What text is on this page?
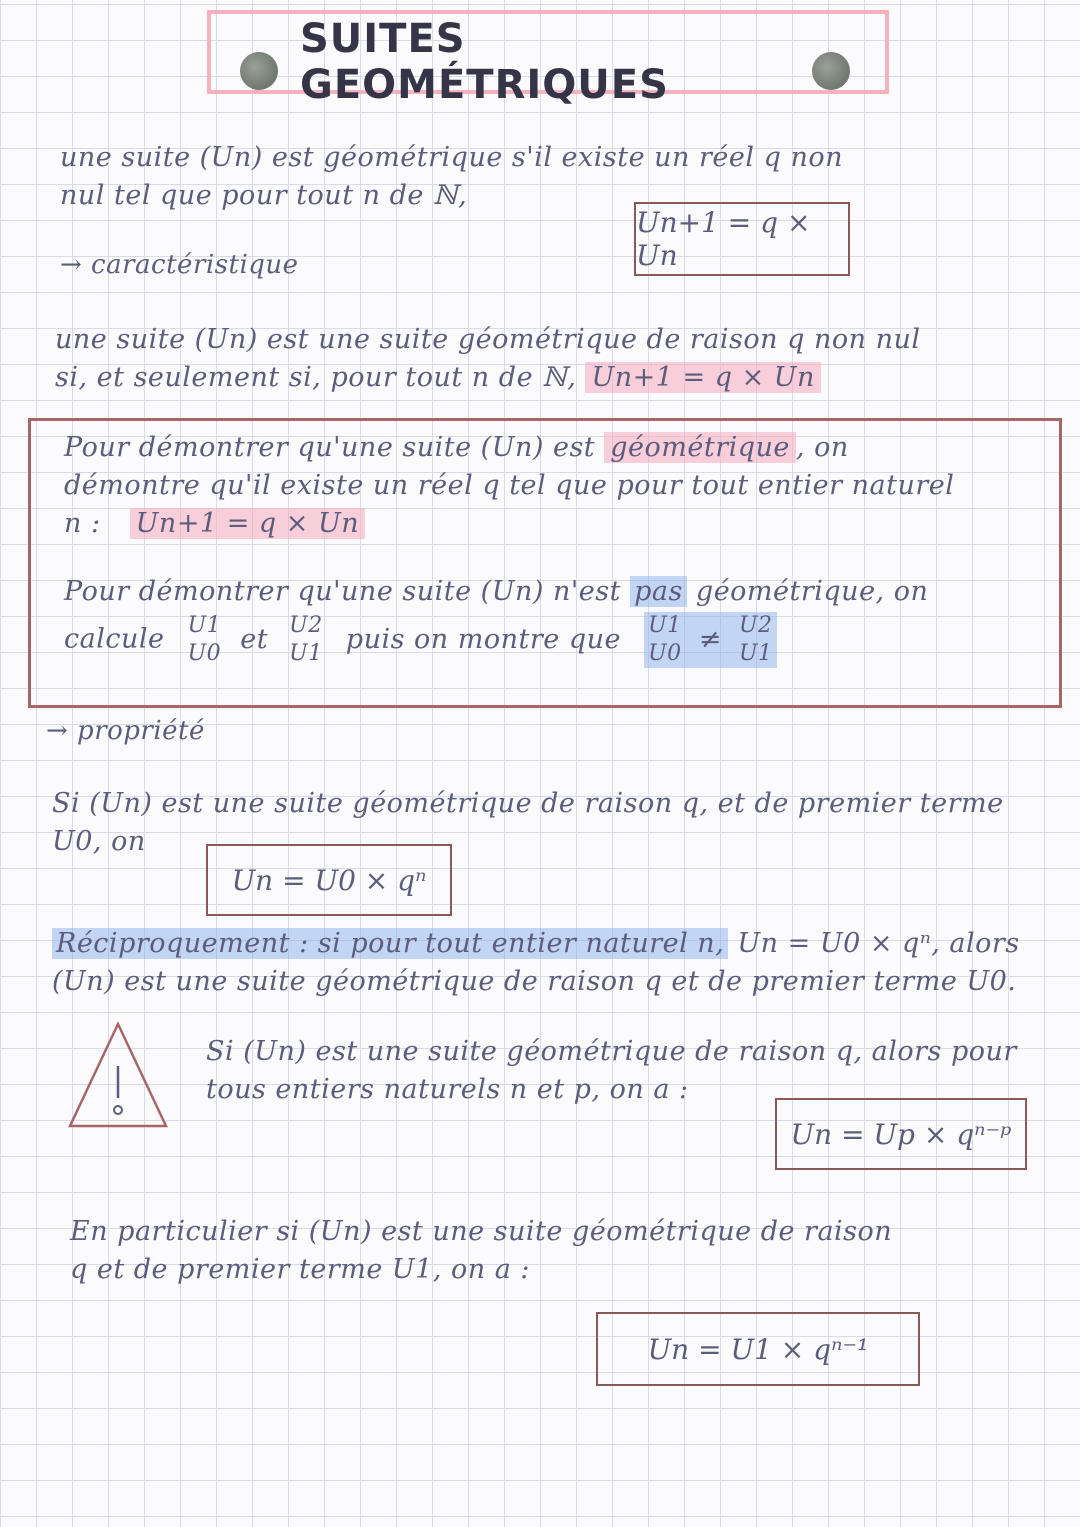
SUITES GEOMÉTRIQUES
une suite (Un) est géométrique s'il existe un réel q non
nul tel que pour tout n de ℕ,
Un+1 = q × Un
→ caractéristique
une suite (Un) est une suite géométrique de raison q non nul
si, et seulement si, pour tout n de ℕ, Un+1 = q × Un
Pour démontrer qu'une suite (Un) est géométrique , on
démontre qu'il existe un réel q tel que pour tout entier naturel
n : Un+1 = q × Un
Pour démontrer qu'une suite (Un) n'est pas géométrique, on
calcule U1
U0 et U2
U1 puis on montre que U1
U0 ≠ U2
U1
→ propriété
Si (Un) est une suite géométrique de raison q, et de premier terme
U0, on
Un = U0 × qⁿ
Réciproquement : si pour tout entier naturel n, Un = U0 × qⁿ, alors
(Un) est une suite géométrique de raison q et de premier terme U0.
Si (Un) est une suite géométrique de raison q, alors pour
tous entiers naturels n et p, on a :
Un = Up × qⁿ⁻ᵖ
En particulier si (Un) est une suite géométrique de raison
q et de premier terme U1, on a :
Un = U1 × qⁿ⁻¹
